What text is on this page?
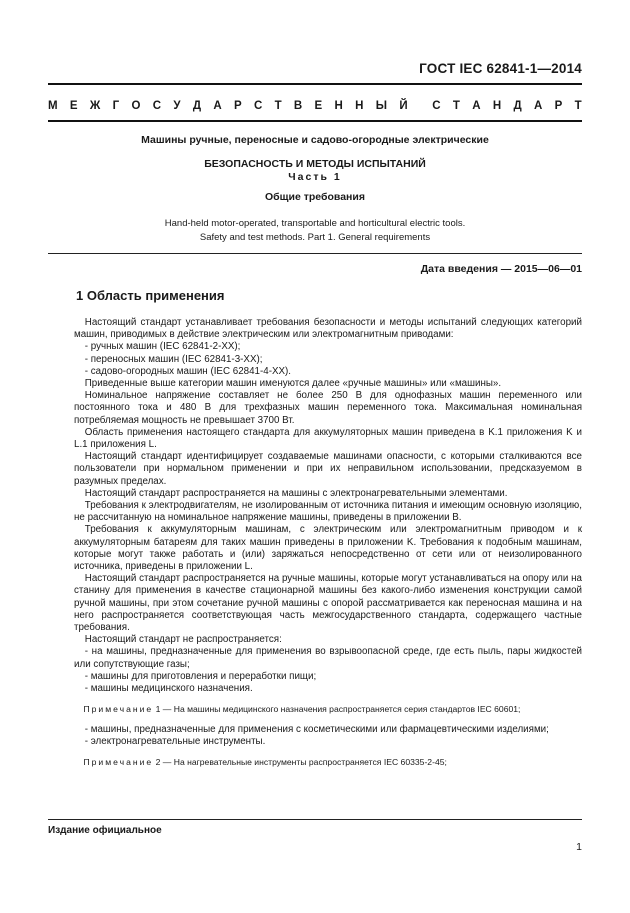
ГОСТ IEC 62841-1—2014
М Е Ж Г О С У Д А Р С Т В Е Н Н Ы Й С Т А Н Д А Р Т
Машины ручные, переносные и садово-огородные электрические
БЕЗОПАСНОСТЬ И МЕТОДЫ ИСПЫТАНИЙ
Часть 1
Общие требования
Hand-held motor-operated, transportable and horticultural electric tools.
Safety and test methods. Part 1. General requirements
Дата введения — 2015—06—01
1 Область применения

Настоящий стандарт устанавливает требования безопасности и методы испытаний следующих категорий машин, приводимых в действие электрическим или электромагнитным приводами:

- ручных машин (IEC 62841-2-XX);

- переносных машин (IEC 62841-3-XX);

- садово-огородных машин (IEC 62841-4-XX).

Приведенные выше категории машин именуются далее «ручные машины» или «машины».

Номинальное напряжение составляет не более 250 В для однофазных машин переменного или постоянного тока и 480 В для трехфазных машин переменного тока. Максимальная номинальная потребляемая мощность не превышает 3700 Вт.

Область применения настоящего стандарта для аккумуляторных машин приведена в K.1 приложения K и L.1 приложения L.

Настоящий стандарт идентифицирует создаваемые машинами опасности, с которыми сталкиваются все пользователи при нормальном применении и при их неправильном использовании, предсказуемом в разумных пределах.

Настоящий стандарт распространяется на машины с электронагревательными элементами.

Требования к электродвигателям, не изолированным от источника питания и имеющим основную изоляцию, не рассчитанную на номинальное напряжение машины, приведены в приложении B.

Требования к аккумуляторным машинам, с электрическим или электромагнитным приводом и к аккумуляторным батареям для таких машин приведены в приложении K. Требования к подобным машинам, которые могут также работать и (или) заряжаться непосредственно от сети или от неизолированного источника, приведены в приложении L.

Настоящий стандарт распространяется на ручные машины, которые могут устанавливаться на опору или на станину для применения в качестве стационарной машины без какого-либо изменения конструкции самой ручной машины, при этом сочетание ручной машины с опорой рассматривается как переносная машина и на него распространяется соответствующая часть межгосударственного стандарта, содержащего частные требования.

Настоящий стандарт не распространяется:

- на машины, предназначенные для применения во взрывоопасной среде, где есть пыль, пары жидкостей или сопутствующие газы;

- машины для приготовления и переработки пищи;

- машины медицинского назначения.

Примечание 1 — На машины медицинского назначения распространяется серия стандартов IEC 60601;

- машины, предназначенные для применения с косметическими или фармацевтическими изделиями;

- электронагревательные инструменты.

Примечание 2 — На нагревательные инструменты распространяется IEC 60335-2-45;

Издание официальное
1
